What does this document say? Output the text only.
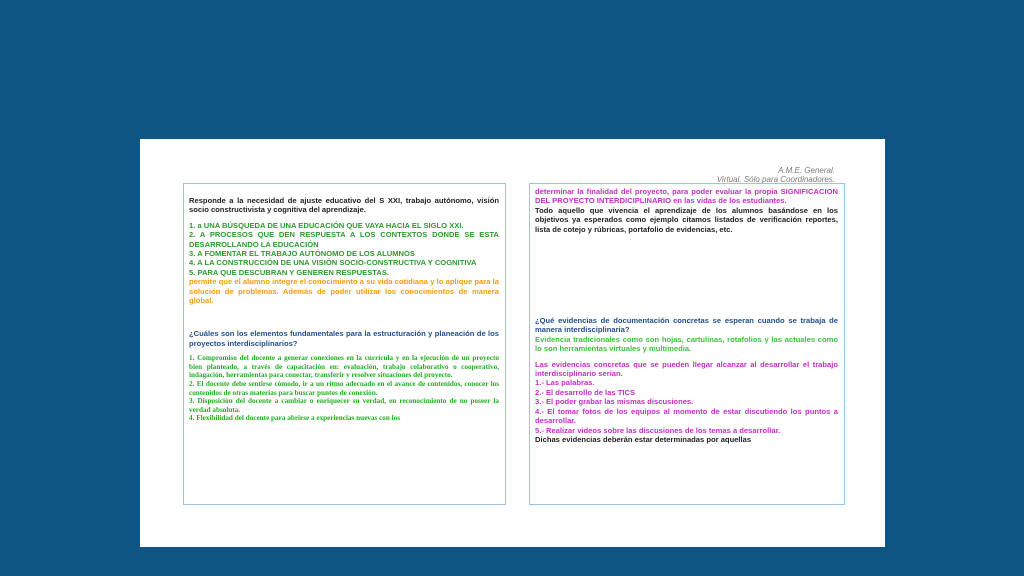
A.M.E. General.
Virtual. Sólo para Coordinadores.

Responde a la necesidad de ajuste educativo del S XXI, trabajo autónomo, visión socio constructivista y cognitiva del aprendizaje.

1. a UNA BÚSQUEDA DE UNA EDUCACIÓN QUE VAYA HACIA EL SIGLO XXI.

2. A PROCESOS QUE DEN RESPUESTA A LOS CONTEXTOS DONDE SE ESTA DESARROLLANDO LA EDUCACIÓN

3. A FOMENTAR EL TRABAJO AUTÓNOMO DE LOS ALUMNOS

4. A LA CONSTRUCCIÓN DE UNA VISIÓN SOCIO-CONSTRUCTIVA Y COGNITIVA

5. PARA QUE DESCUBRAN Y GENEREN RESPUESTAS.

permite que el alumno integre el conocimiento a su vida cotidiana y lo aplique para la solución de problemas. Además de poder utilizar los conocimientos de manera global.

¿Cuáles son los elementos fundamentales para la estructuración y planeación de los proyectos interdisciplinarios?

1. Compromiso del docente a generar conexiones en la currícula y en la ejecución de un proyecto bien planteado, a través de capacitación en: evaluación, trabajo colaborativo o cooperativo, indagación, herramientas para conectar, transferir y resolver situaciones del proyecto.

2. El docente debe sentirse cómodo, ir a un ritmo adecuado en el avance de contenidos, conocer los contenidos de otras materias para buscar puntos de conexión.

3. Disposición del docente a cambiar o enriquecer su verdad, en reconocimiento de no poseer la verdad absoluta.

4. Flexibilidad del docente para abrirse a experiencias nuevas con los

determinar la finalidad del proyecto, para poder evaluar la propia SIGNIFICACION DEL PROYECTO INTERDICIPLINARIO en las vidas de los estudiantes.

Todo aquello que vivencia el aprendizaje de los alumnos basándose en los objetivos ya esperados como ejemplo citamos listados de verificación reportes, lista de cotejo y rúbricas, portafolio de evidencias, etc.

¿Qué evidencias de documentación concretas se esperan cuando se trabaja de manera interdisciplinaria?

Evidencia tradicionales como son hojas, cartulinas, rotafolios y las actuales como lo son herramientas virtuales y multimedia.

Las evidencias concretas que se pueden llegar alcanzar al desarrollar el trabajo interdisciplinario serian.

1.- Las palabras.

2.- El desarrollo de las TICS

3.- El poder grabar las mismas discusiones.

4.- El tomar fotos de los equipos al momento de estar discutiendo los puntos a desarrollar.

5.- Realizar videos sobre las discusiones de los temas a desarrollar.

Dichas evidencias deberán estar determinadas por aquellas
